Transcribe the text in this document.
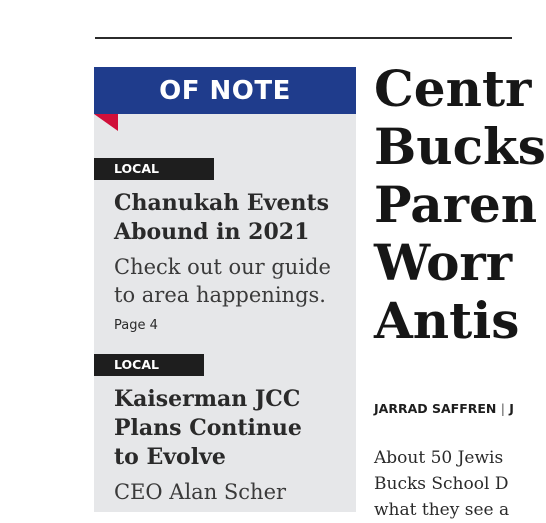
OF NOTE
LOCAL

Chanukah Events
Abound in 2021

Check out our guide
to area happenings.

Page 4
LOCAL

Kaiserman JCC
Plans Continue
to Evolve

CEO Alan Scher

Centr
Bucks
Paren
Worr
Antis
JARRAD SAFFREN | J

About 50 Jewis
Bucks School D
what they see a
